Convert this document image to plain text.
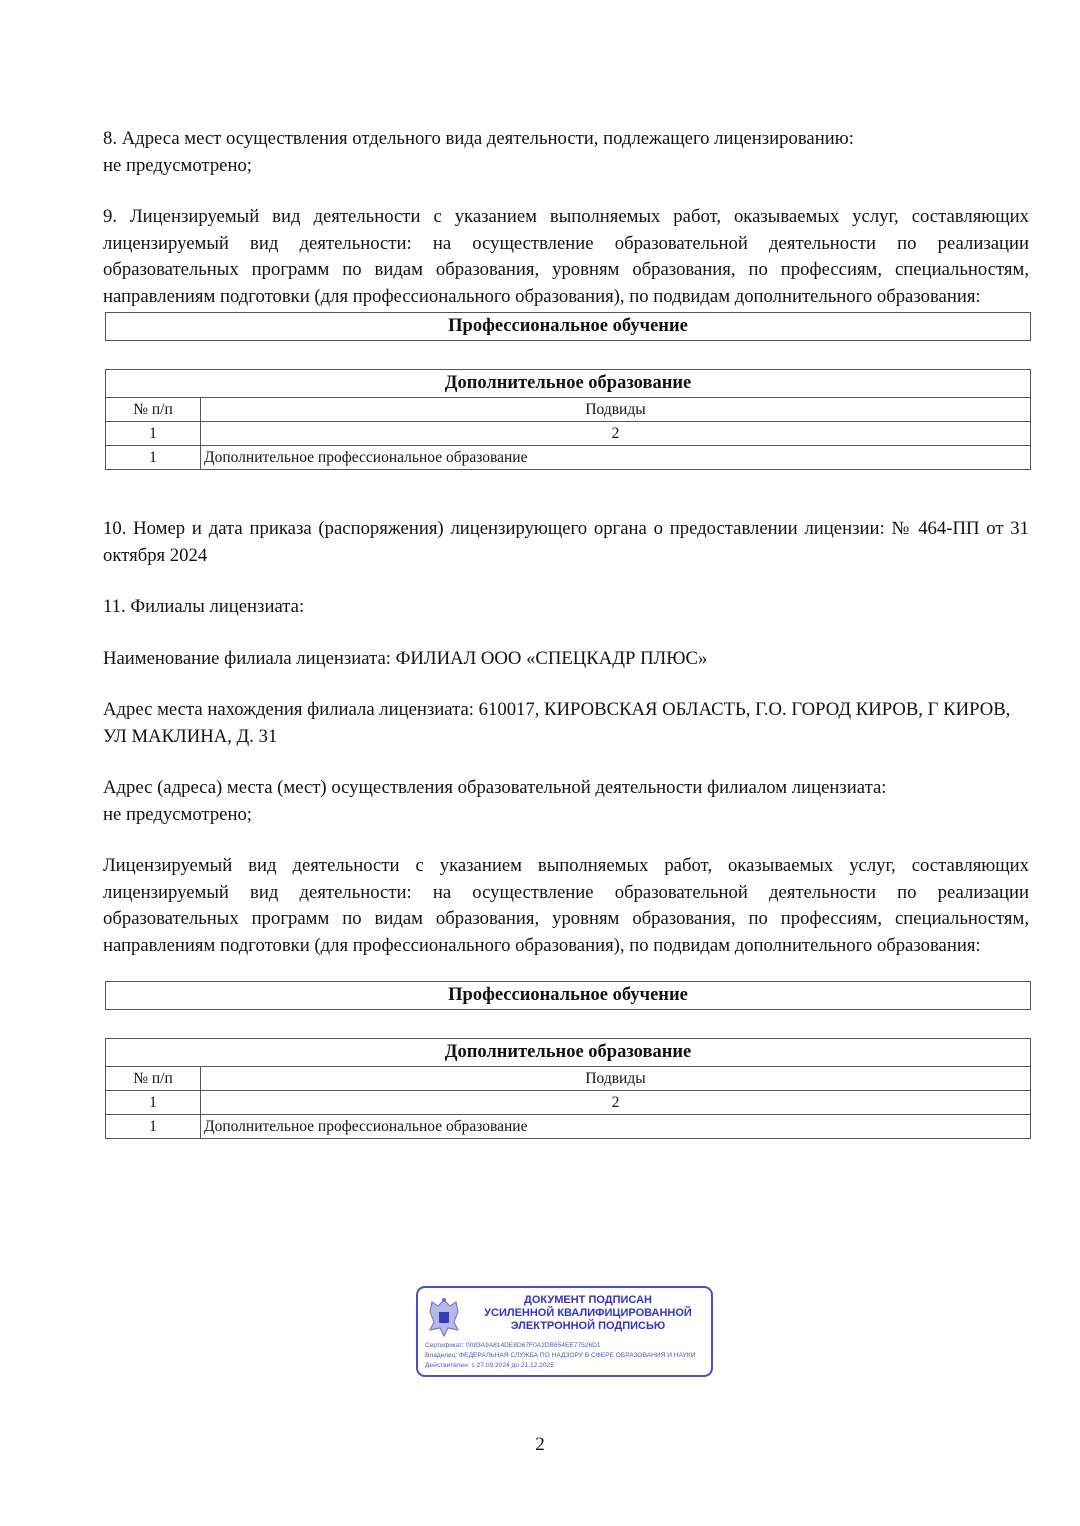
8. Адреса мест осуществления отдельного вида деятельности, подлежащего лицензированию:

не предусмотрено;

9. Лицензируемый вид деятельности с указанием выполняемых работ, оказываемых услуг, составляющих лицензируемый вид деятельности: на осуществление образовательной деятельности по реализации образовательных программ по видам образования, уровням образования, по профессиям, специальностям, направлениям подготовки (для профессионального образования), по подвидам дополнительного образования:

Профессиональное обучение
Дополнительное образование	
№ п/п	Подвиды
1	2
1	Дополнительное профессиональное образование

10. Номер и дата приказа (распоряжения) лицензирующего органа о предоставлении лицензии: № 464-ПП от 31 октября 2024

11. Филиалы лицензиата:

Наименование филиала лицензиата: ФИЛИАЛ ООО «СПЕЦКАДР ПЛЮС»

Адрес места нахождения филиала лицензиата: 610017, КИРОВСКАЯ ОБЛАСТЬ, Г.О. ГОРОД КИРОВ, Г КИРОВ, УЛ МАКЛИНА, Д. 31

Адрес (адреса) места (мест) осуществления образовательной деятельности филиалом лицензиата:

не предусмотрено;

Лицензируемый вид деятельности с указанием выполняемых работ, оказываемых услуг, составляющих лицензируемый вид деятельности: на осуществление образовательной деятельности по реализации образовательных программ по видам образования, уровням образования, по профессиям, специальностям, направлениям подготовки (для профессионального образования), по подвидам дополнительного образования:

Профессиональное обучение
Дополнительное образование	
№ п/п	Подвиды
1	2
1	Дополнительное профессиональное образование
ДОКУМЕНТ ПОДПИСАН
УСИЛЕННОЙ КВАЛИФИЦИРОВАННОЙ
ЭЛЕКТРОННОЙ ПОДПИСЬЮ
Сертификат: 0083A9A814DE8D67F0A2DB654EE77526D1
Владелец: ФЕДЕРАЛЬНАЯ СЛУЖБА ПО НАДЗОРУ В СФЕРЕ ОБРАЗОВАНИЯ И НАУКИ
Действителен: с 27.09.2024 до 21.12.2025
2
